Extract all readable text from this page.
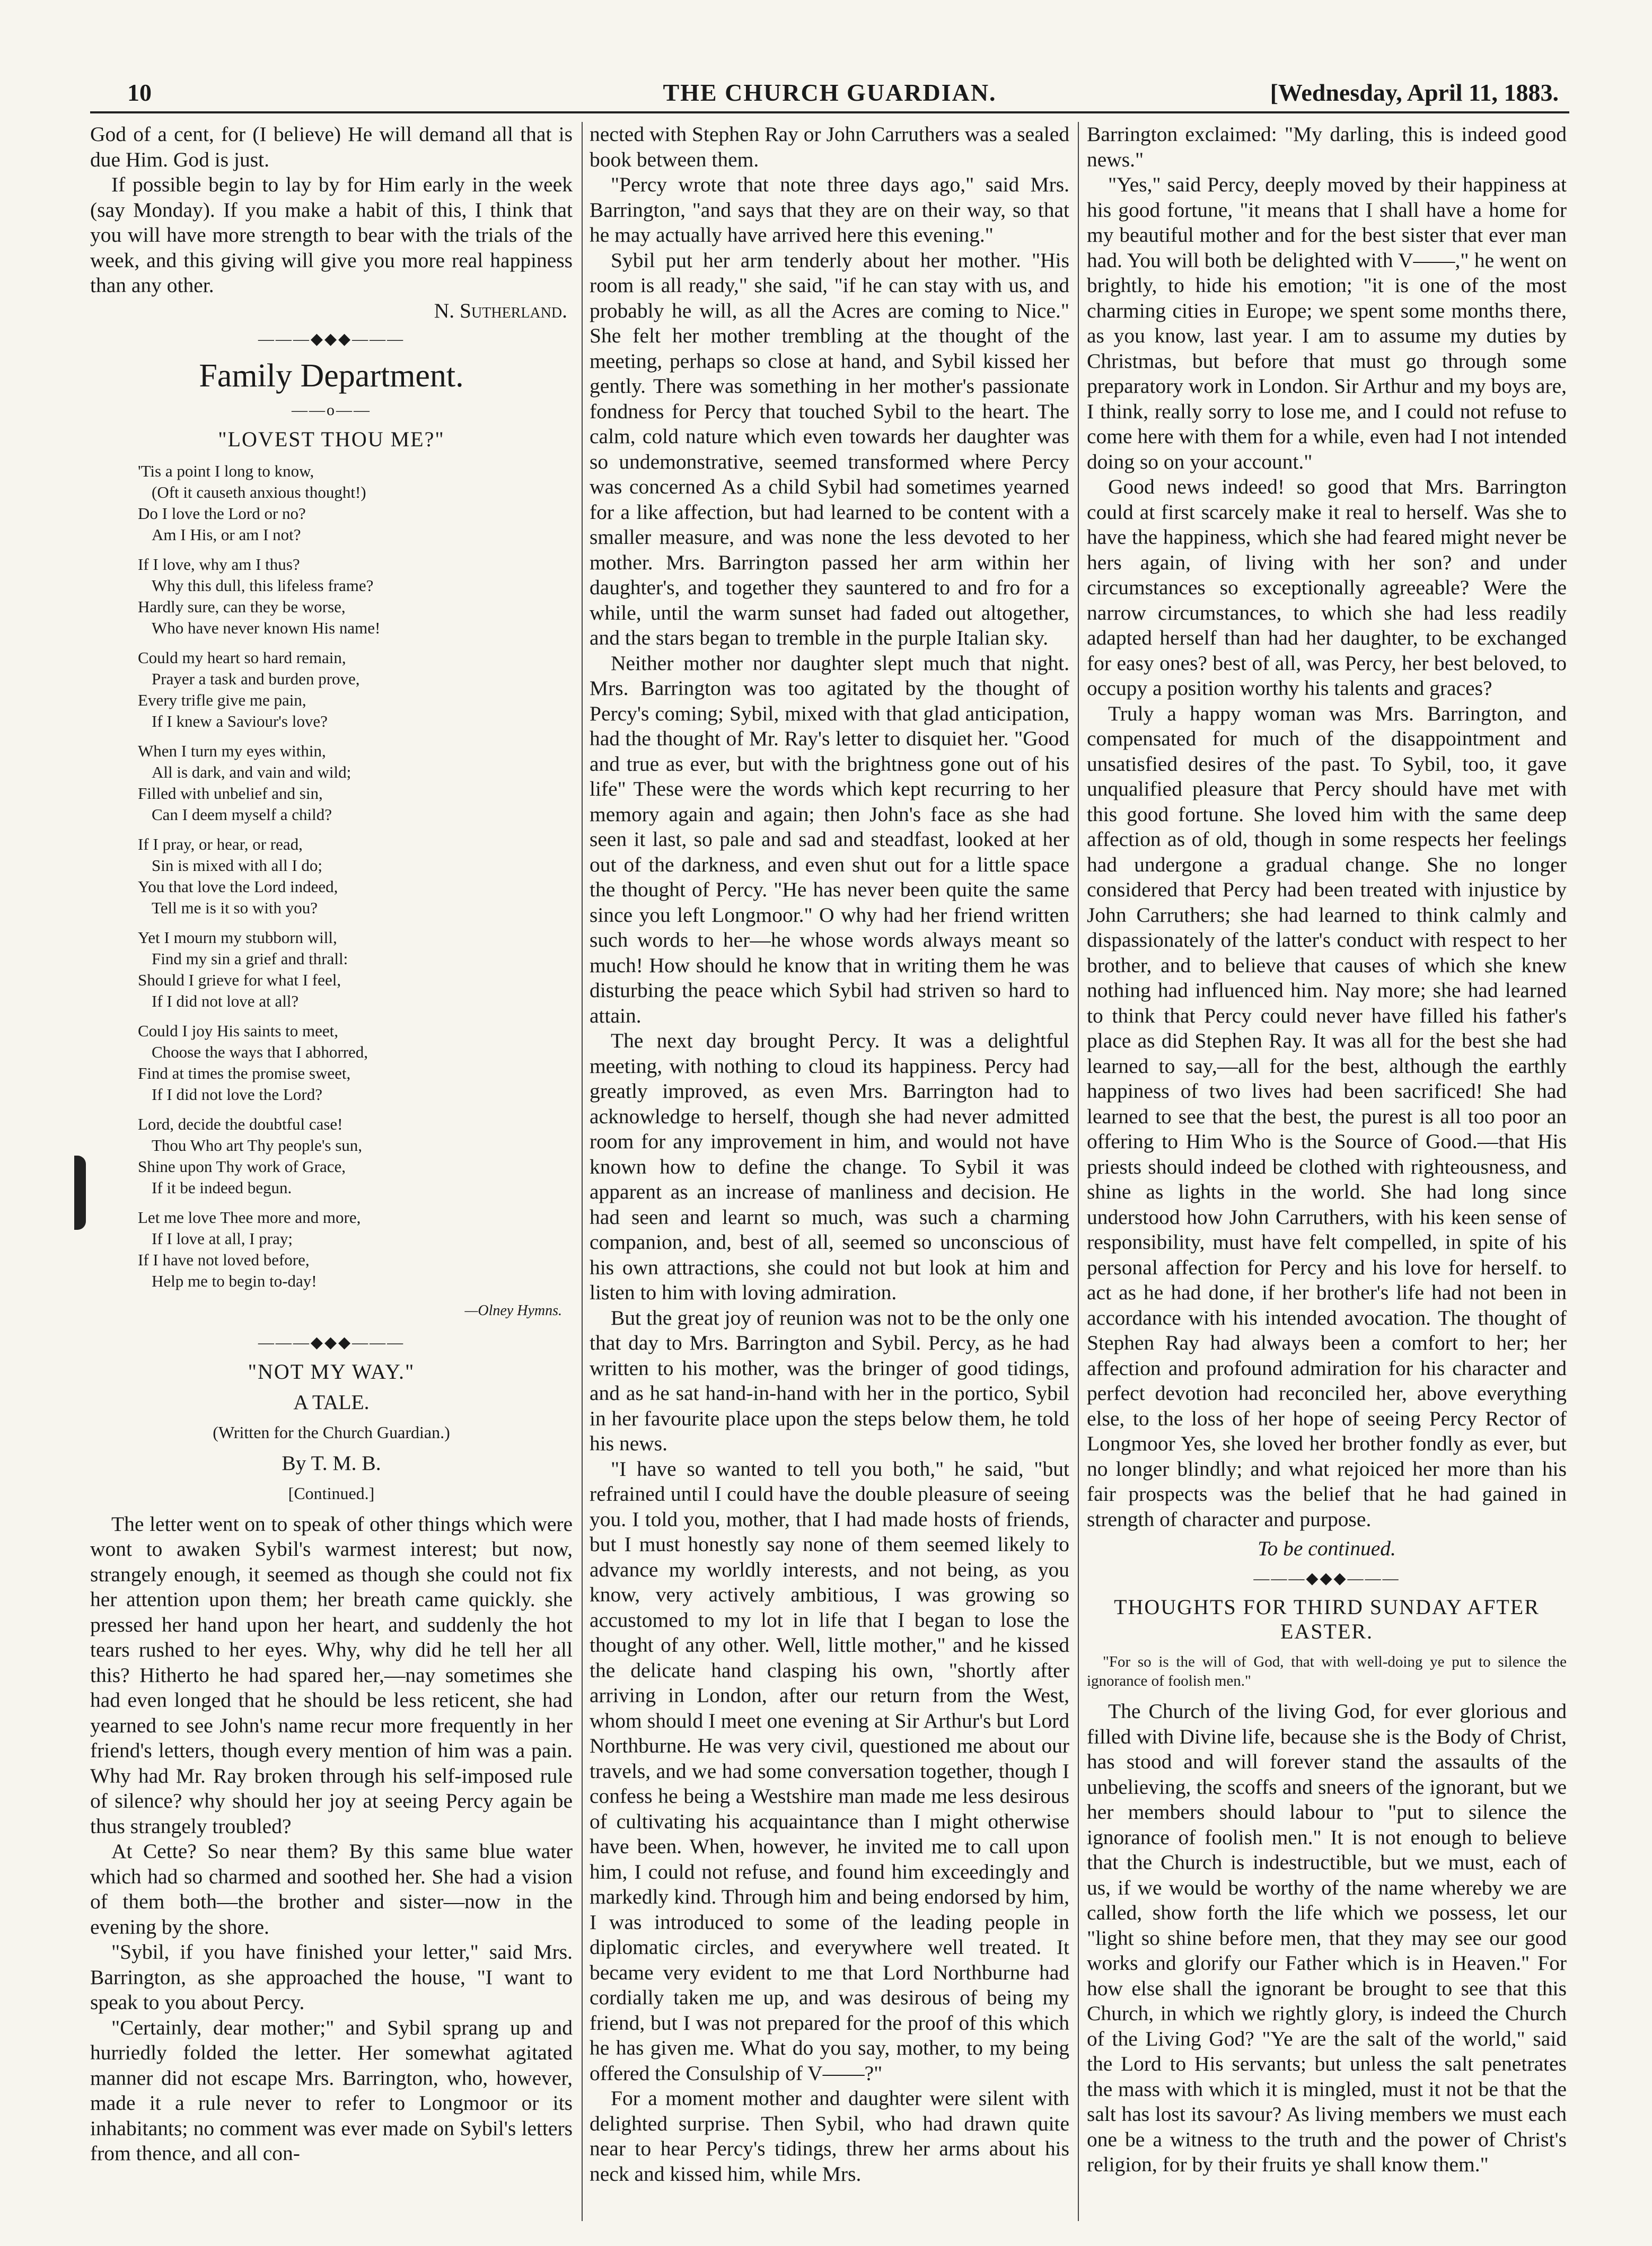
10	THE CHURCH GUARDIAN.	[Wednesday, April 11, 1883.

God of a cent, for (I believe) He will demand all that is due Him. God is just.

If possible begin to lay by for Him early in the week (say Monday). If you make a habit of this, I think that you will have more strength to bear with the trials of the week, and this giving will give you more real happiness than any other.

N. Sutherland.

———◆◆◆———

Family Department.

——o——

"LOVEST THOU ME?"
'Tis a point I long to know,
(Oft it causeth anxious thought!)
Do I love the Lord or no?
Am I His, or am I not?
If I love, why am I thus?
Why this dull, this lifeless frame?
Hardly sure, can they be worse,
Who have never known His name!
Could my heart so hard remain,
Prayer a task and burden prove,
Every trifle give me pain,
If I knew a Saviour's love?
When I turn my eyes within,
All is dark, and vain and wild;
Filled with unbelief and sin,
Can I deem myself a child?
If I pray, or hear, or read,
Sin is mixed with all I do;
You that love the Lord indeed,
Tell me is it so with you?
Yet I mourn my stubborn will,
Find my sin a grief and thrall:
Should I grieve for what I feel,
If I did not love at all?
Could I joy His saints to meet,
Choose the ways that I abhorred,
Find at times the promise sweet,
If I did not love the Lord?
Lord, decide the doubtful case!
Thou Who art Thy people's sun,
Shine upon Thy work of Grace,
If it be indeed begun.
Let me love Thee more and more,
If I love at all, I pray;
If I have not loved before,
Help me to begin to-day!
—Olney Hymns.

———◆◆◆———

"NOT MY WAY."

A TALE.

(Written for the Church Guardian.)

By T. M. B.

[Continued.]

The letter went on to speak of other things which were wont to awaken Sybil's warmest interest; but now, strangely enough, it seemed as though she could not fix her attention upon them; her breath came quickly. she pressed her hand upon her heart, and suddenly the hot tears rushed to her eyes. Why, why did he tell her all this? Hitherto he had spared her,—nay sometimes she had even longed that he should be less reticent, she had yearned to see John's name recur more frequently in her friend's letters, though every mention of him was a pain. Why had Mr. Ray broken through his self-imposed rule of silence? why should her joy at seeing Percy again be thus strangely troubled?

At Cette? So near them? By this same blue water which had so charmed and soothed her. She had a vision of them both—the brother and sister—now in the evening by the shore.

"Sybil, if you have finished your letter," said Mrs. Barrington, as she approached the house, "I want to speak to you about Percy.

"Certainly, dear mother;" and Sybil sprang up and hurriedly folded the letter. Her somewhat agitated manner did not escape Mrs. Barrington, who, however, made it a rule never to refer to Longmoor or its inhabitants; no comment was ever made on Sybil's letters from thence, and all con-

nected with Stephen Ray or John Carruthers was a sealed book between them.

"Percy wrote that note three days ago," said Mrs. Barrington, "and says that they are on their way, so that he may actually have arrived here this evening."

Sybil put her arm tenderly about her mother. "His room is all ready," she said, "if he can stay with us, and probably he will, as all the Acres are coming to Nice." She felt her mother trembling at the thought of the meeting, perhaps so close at hand, and Sybil kissed her gently. There was something in her mother's passionate fondness for Percy that touched Sybil to the heart. The calm, cold nature which even towards her daughter was so undemonstrative, seemed transformed where Percy was concerned As a child Sybil had sometimes yearned for a like affection, but had learned to be content with a smaller measure, and was none the less devoted to her mother. Mrs. Barrington passed her arm within her daughter's, and together they sauntered to and fro for a while, until the warm sunset had faded out altogether, and the stars began to tremble in the purple Italian sky.

Neither mother nor daughter slept much that night. Mrs. Barrington was too agitated by the thought of Percy's coming; Sybil, mixed with that glad anticipation, had the thought of Mr. Ray's letter to disquiet her. "Good and true as ever, but with the brightness gone out of his life" These were the words which kept recurring to her memory again and again; then John's face as she had seen it last, so pale and sad and steadfast, looked at her out of the darkness, and even shut out for a little space the thought of Percy. "He has never been quite the same since you left Longmoor." O why had her friend written such words to her—he whose words always meant so much! How should he know that in writing them he was disturbing the peace which Sybil had striven so hard to attain.

The next day brought Percy. It was a delightful meeting, with nothing to cloud its happiness. Percy had greatly improved, as even Mrs. Barrington had to acknowledge to herself, though she had never admitted room for any improvement in him, and would not have known how to define the change. To Sybil it was apparent as an increase of manliness and decision. He had seen and learnt so much, was such a charming companion, and, best of all, seemed so unconscious of his own attractions, she could not but look at him and listen to him with loving admiration.

But the great joy of reunion was not to be the only one that day to Mrs. Barrington and Sybil. Percy, as he had written to his mother, was the bringer of good tidings, and as he sat hand-in-hand with her in the portico, Sybil in her favourite place upon the steps below them, he told his news.

"I have so wanted to tell you both," he said, "but refrained until I could have the double pleasure of seeing you. I told you, mother, that I had made hosts of friends, but I must honestly say none of them seemed likely to advance my worldly interests, and not being, as you know, very actively ambitious, I was growing so accustomed to my lot in life that I began to lose the thought of any other. Well, little mother," and he kissed the delicate hand clasping his own, "shortly after arriving in London, after our return from the West, whom should I meet one evening at Sir Arthur's but Lord Northburne. He was very civil, questioned me about our travels, and we had some conversation together, though I confess he being a Westshire man made me less desirous of cultivating his acquaintance than I might otherwise have been. When, however, he invited me to call upon him, I could not refuse, and found him exceedingly and markedly kind. Through him and being endorsed by him, I was introduced to some of the leading people in diplomatic circles, and everywhere well treated. It became very evident to me that Lord Northburne had cordially taken me up, and was desirous of being my friend, but I was not prepared for the proof of this which he has given me. What do you say, mother, to my being offered the Consulship of V——?"

For a moment mother and daughter were silent with delighted surprise. Then Sybil, who had drawn quite near to hear Percy's tidings, threw her arms about his neck and kissed him, while Mrs.

Barrington exclaimed: "My darling, this is indeed good news."

"Yes," said Percy, deeply moved by their happiness at his good fortune, "it means that I shall have a home for my beautiful mother and for the best sister that ever man had. You will both be delighted with V——," he went on brightly, to hide his emotion; "it is one of the most charming cities in Europe; we spent some months there, as you know, last year. I am to assume my duties by Christmas, but before that must go through some preparatory work in London. Sir Arthur and my boys are, I think, really sorry to lose me, and I could not refuse to come here with them for a while, even had I not intended doing so on your account."

Good news indeed! so good that Mrs. Barrington could at first scarcely make it real to herself. Was she to have the happiness, which she had feared might never be hers again, of living with her son? and under circumstances so exceptionally agreeable? Were the narrow circumstances, to which she had less readily adapted herself than had her daughter, to be exchanged for easy ones? best of all, was Percy, her best beloved, to occupy a position worthy his talents and graces?

Truly a happy woman was Mrs. Barrington, and compensated for much of the disappointment and unsatisfied desires of the past. To Sybil, too, it gave unqualified pleasure that Percy should have met with this good fortune. She loved him with the same deep affection as of old, though in some respects her feelings had undergone a gradual change. She no longer considered that Percy had been treated with injustice by John Carruthers; she had learned to think calmly and dispassionately of the latter's conduct with respect to her brother, and to believe that causes of which she knew nothing had influenced him. Nay more; she had learned to think that Percy could never have filled his father's place as did Stephen Ray. It was all for the best she had learned to say,—all for the best, although the earthly happiness of two lives had been sacrificed! She had learned to see that the best, the purest is all too poor an offering to Him Who is the Source of Good.—that His priests should indeed be clothed with righteousness, and shine as lights in the world. She had long since understood how John Carruthers, with his keen sense of responsibility, must have felt compelled, in spite of his personal affection for Percy and his love for herself. to act as he had done, if her brother's life had not been in accordance with his intended avocation. The thought of Stephen Ray had always been a comfort to her; her affection and profound admiration for his character and perfect devotion had reconciled her, above everything else, to the loss of her hope of seeing Percy Rector of Longmoor Yes, she loved her brother fondly as ever, but no longer blindly; and what rejoiced her more than his fair prospects was the belief that he had gained in strength of character and purpose.

To be continued.

———◆◆◆———

THOUGHTS FOR THIRD SUNDAY AFTER EASTER.

"For so is the will of God, that with well-doing ye put to silence the ignorance of foolish men."

The Church of the living God, for ever glorious and filled with Divine life, because she is the Body of Christ, has stood and will forever stand the assaults of the unbelieving, the scoffs and sneers of the ignorant, but we her members should labour to "put to silence the ignorance of foolish men." It is not enough to believe that the Church is indestructible, but we must, each of us, if we would be worthy of the name whereby we are called, show forth the life which we possess, let our "light so shine before men, that they may see our good works and glorify our Father which is in Heaven." For how else shall the ignorant be brought to see that this Church, in which we rightly glory, is indeed the Church of the Living God? "Ye are the salt of the world," said the Lord to His servants; but unless the salt penetrates the mass with which it is mingled, must it not be that the salt has lost its savour? As living members we must each one be a witness to the truth and the power of Christ's religion, for by their fruits ye shall know them."
